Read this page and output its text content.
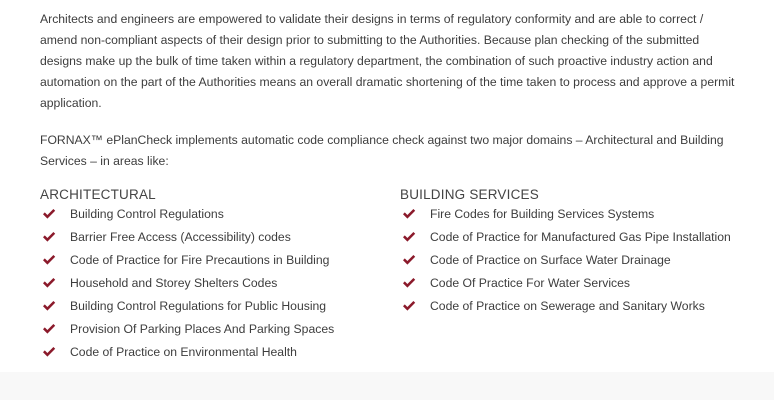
Architects and engineers are empowered to validate their designs in terms of regulatory conformity and are able to correct / amend non-compliant aspects of their design prior to submitting to the Authorities. Because plan checking of the submitted designs make up the bulk of time taken within a regulatory department, the combination of such proactive industry action and automation on the part of the Authorities means an overall dramatic shortening of the time taken to process and approve a permit application.

FORNAX™ ePlanCheck implements automatic code compliance check against two major domains – Architectural and Building Services – in areas like:

ARCHITECTURAL
Building Control Regulations
Barrier Free Access (Accessibility) codes
Code of Practice for Fire Precautions in Building
Household and Storey Shelters Codes
Building Control Regulations for Public Housing
Provision Of Parking Places And Parking Spaces
Code of Practice on Environmental Health
BUILDING SERVICES
Fire Codes for Building Services Systems
Code of Practice for Manufactured Gas Pipe Installation
Code of Practice on Surface Water Drainage
Code Of Practice For Water Services
Code of Practice on Sewerage and Sanitary Works
